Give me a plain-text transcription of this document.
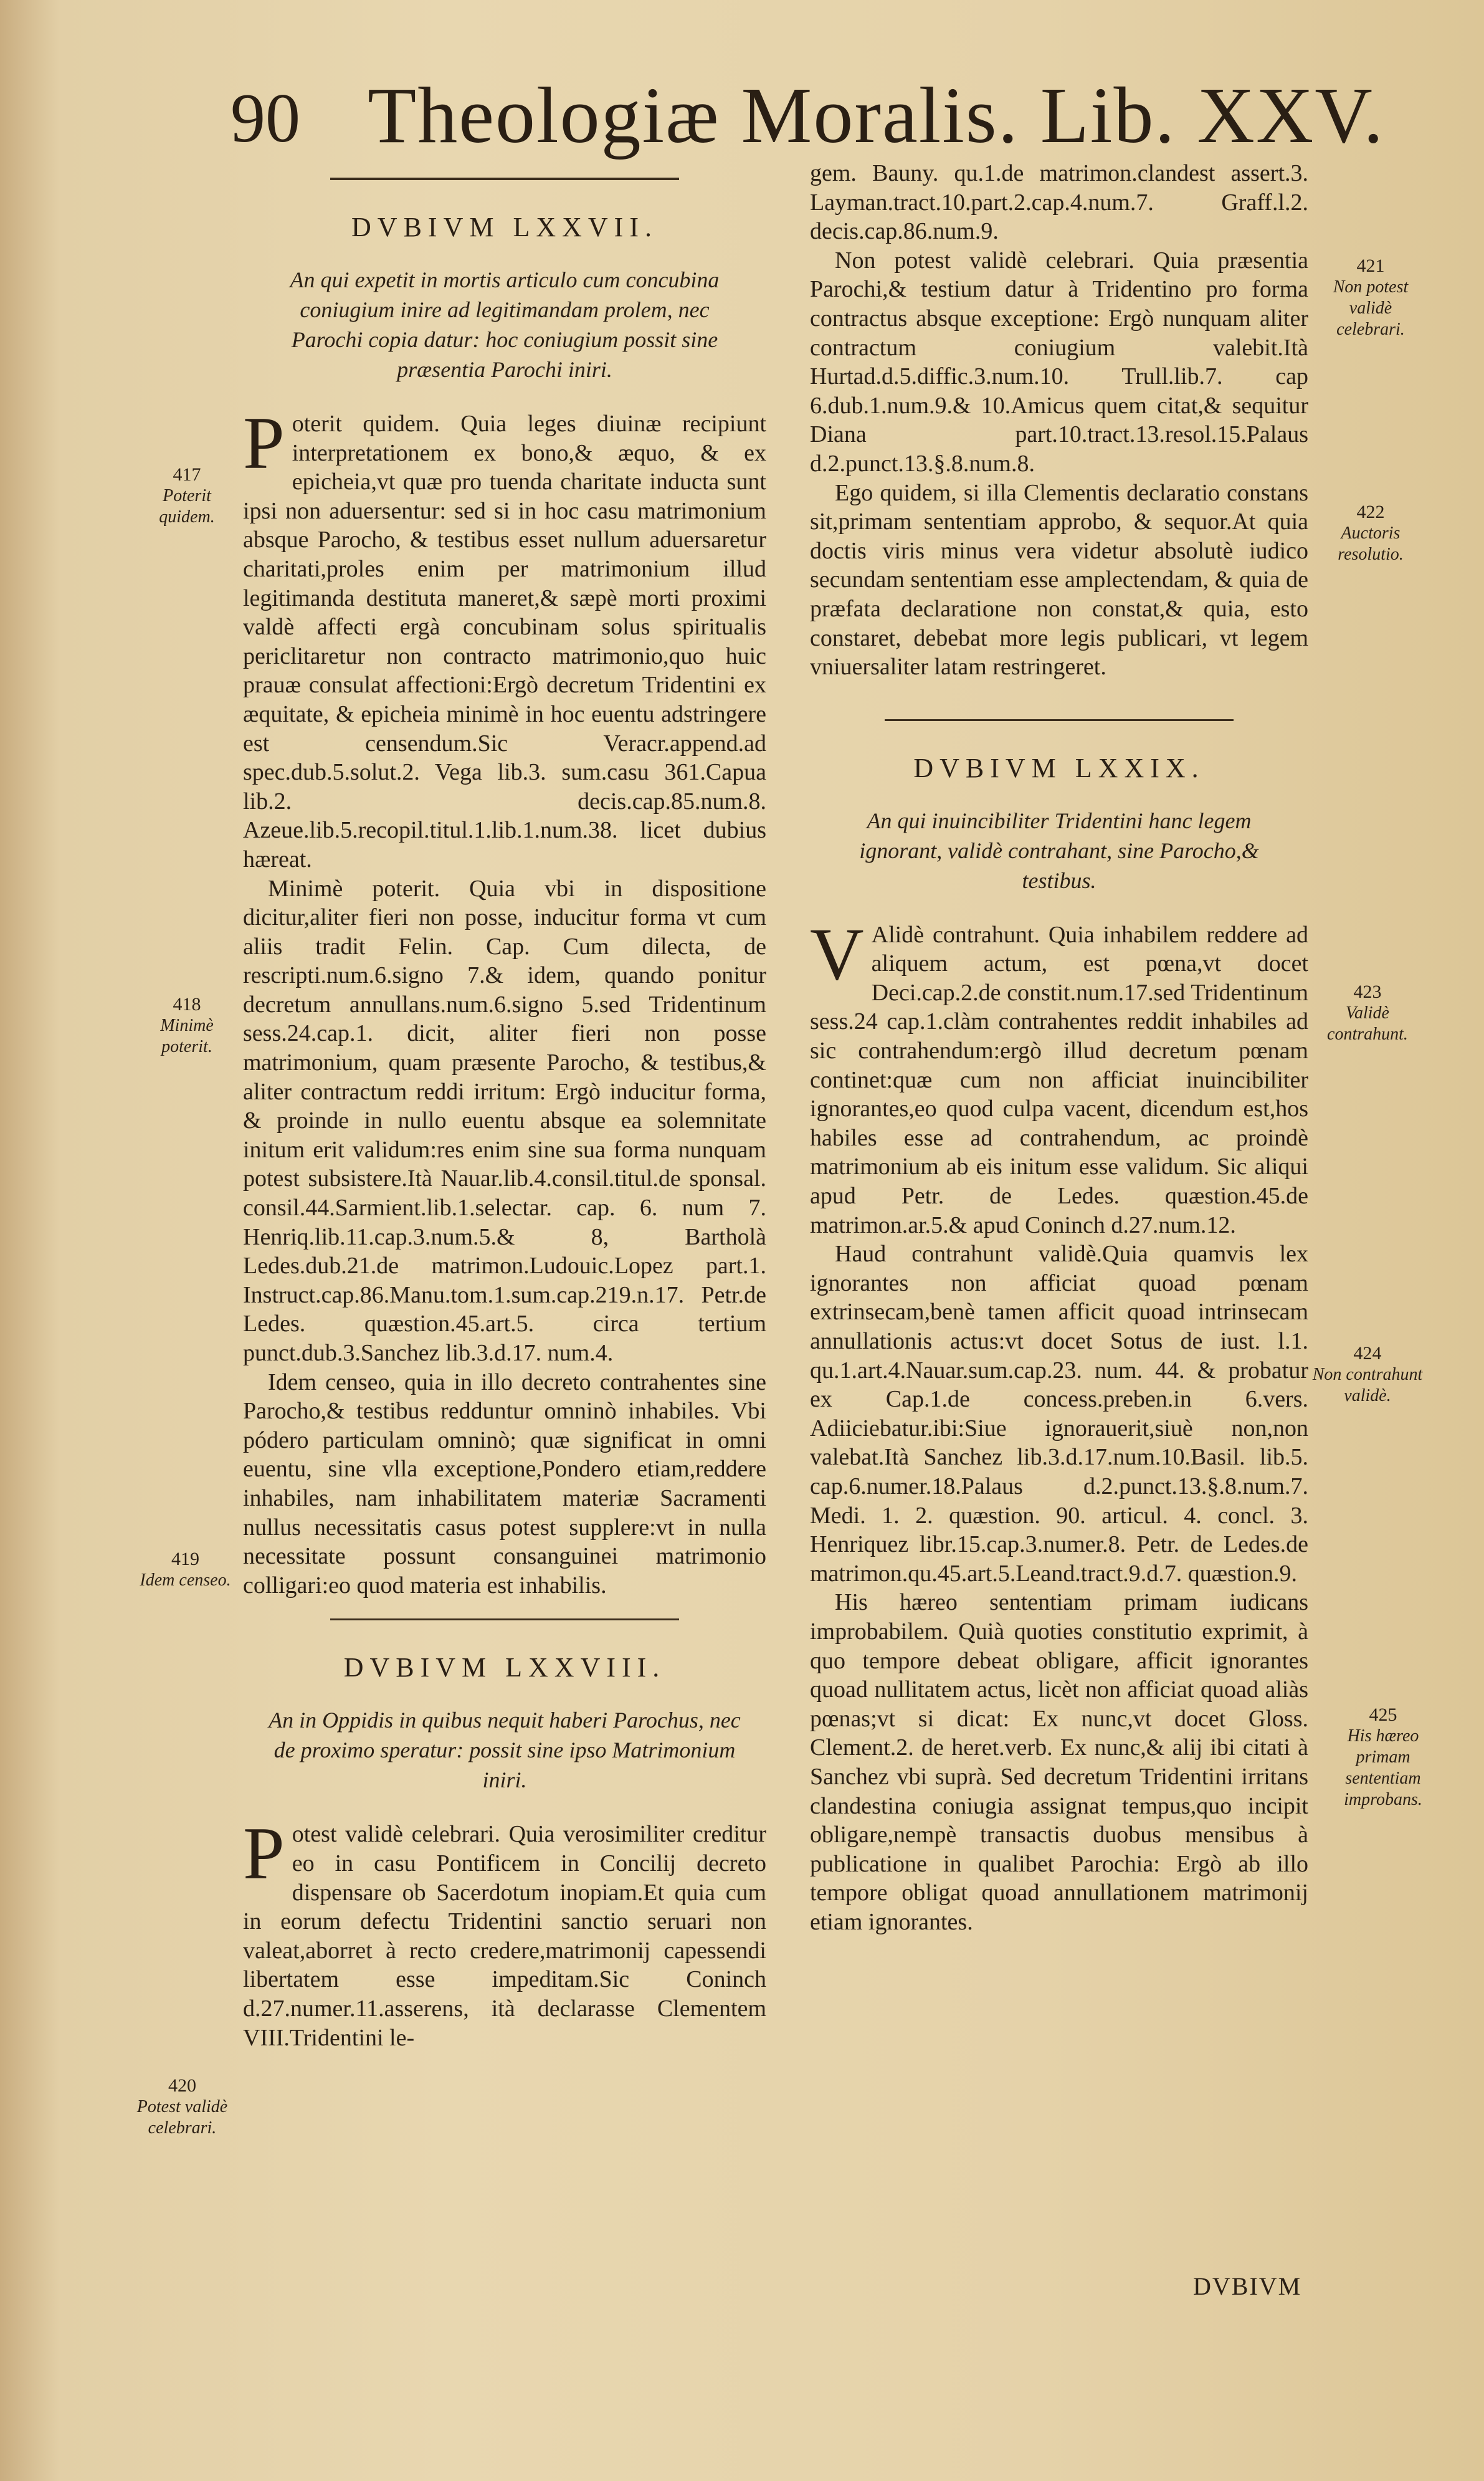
90 Theologiæ Moralis. Lib. XXV.
DVBIVM LXXVII.
An qui expetit in mortis articulo cum concubina coniugium inire ad legitimandam prolem, nec Parochi copia datur: hoc coniugium possit sine præsentia Parochi iniri.

Poterit quidem. Quia leges diuinæ recipiunt interpretationem ex bono,& æquo, & ex epicheia,vt quæ pro tuenda charitate inducta sunt ipsi non aduersentur: sed si in hoc casu matrimonium absque Parocho, & testibus esset nullum aduersaretur charitati,proles enim per matrimonium illud legitimanda destituta maneret,& sæpè morti proximi valdè affecti ergà concubinam solus spiritualis periclitaretur non contracto matrimonio,quo huic prauæ consulat affectioni:Ergò decretum Tridentini ex æquitate, & epicheia minimè in hoc euentu adstringere est censendum.Sic Veracr.append.ad spec.dub.5.solut.2. Vega lib.3. sum.casu 361.Capua lib.2. decis.cap.85.num.8. Azeue.lib.5.recopil.titul.1.lib.1.num.38. licet dubius hæreat.

Minimè poterit. Quia vbi in dispositione dicitur,aliter fieri non posse, inducitur forma vt cum aliis tradit Felin. Cap. Cum dilecta, de rescripti.num.6.signo 7.& idem, quando ponitur decretum annullans.num.6.signo 5.sed Tridentinum sess.24.cap.1. dicit, aliter fieri non posse matrimonium, quam præsente Parocho, & testibus,& aliter contractum reddi irritum: Ergò inducitur forma, & proinde in nullo euentu absque ea solemnitate initum erit validum:res enim sine sua forma nunquam potest subsistere.Ità Nauar.lib.4.consil.titul.de sponsal. consil.44.Sarmient.lib.1.selectar. cap. 6. num 7. Henriq.lib.11.cap.3.num.5.& 8, Bartholà Ledes.dub.21.de matrimon.Ludouic.Lopez part.1. Instruct.cap.86.Manu.tom.1.sum.cap.219.n.17. Petr.de Ledes. quæstion.45.art.5. circa tertium punct.dub.3.Sanchez lib.3.d.17. num.4.

Idem censeo, quia in illo decreto contrahentes sine Parocho,& testibus redduntur omninò inhabiles. Vbi pódero particulam omninò; quæ significat in omni euentu, sine vlla exceptione,Pondero etiam,reddere inhabiles, nam inhabilitatem materiæ Sacramenti nullus necessitatis casus potest supplere:vt in nulla necessitate possunt consanguinei matrimonio colligari:eo quod materia est inhabilis.

DVBIVM LXXVIII.
An in Oppidis in quibus nequit haberi Parochus, nec de proximo speratur: possit sine ipso Matrimonium iniri.

Potest validè celebrari. Quia verosimiliter creditur eo in casu Pontificem in Concilij decreto dispensare ob Sacerdotum inopiam.Et quia cum in eorum defectu Tridentini sanctio seruari non valeat,aborret à recto credere,matrimonij capessendi libertatem esse impeditam.Sic Coninch d.27.numer.11.asserens, ità declarasse Clementem VIII.Tridentini le-

417
Poterit quidem.
418
Minimè poterit.
419
Idem censeo.
420
Potest validè celebrari.

gem. Bauny. qu.1.de matrimon.clandest assert.3. Layman.tract.10.part.2.cap.4.num.7. Graff.l.2. decis.cap.86.num.9.

Non potest validè celebrari. Quia præsentia Parochi,& testium datur à Tridentino pro forma contractus absque exceptione: Ergò nunquam aliter contractum coniugium valebit.Ità Hurtad.d.5.diffic.3.num.10. Trull.lib.7. cap 6.dub.1.num.9.& 10.Amicus quem citat,& sequitur Diana part.10.tract.13.resol.15.Palaus d.2.punct.13.§.8.num.8.

Ego quidem, si illa Clementis declaratio constans sit,primam sententiam approbo, & sequor.At quia doctis viris minus vera videtur absolutè iudico secundam sententiam esse amplectendam, & quia de præfata declaratione non constat,& quia, esto constaret, debebat more legis publicari, vt legem vniuersaliter latam restringeret.

DVBIVM LXXIX.
An qui inuincibiliter Tridentini hanc legem ignorant, validè contrahant, sine Parocho,& testibus.

V Alidè contrahunt. Quia inhabilem reddere ad aliquem actum, est pœna,vt docet Deci.cap.2.de constit.num.17.sed Tridentinum sess.24 cap.1.clàm contrahentes reddit inhabiles ad sic contrahendum:ergò illud decretum pœnam continet:quæ cum non afficiat inuincibiliter ignorantes,eo quod culpa vacent, dicendum est,hos habiles esse ad contrahendum, ac proindè matrimonium ab eis initum esse validum. Sic aliqui apud Petr. de Ledes. quæstion.45.de matrimon.ar.5.& apud Coninch d.27.num.12.

Haud contrahunt validè.Quia quamvis lex ignorantes non afficiat quoad pœnam extrinsecam,benè tamen afficit quoad intrinsecam annullationis actus:vt docet Sotus de iust. l.1. qu.1.art.4.Nauar.sum.cap.23. num. 44. & probatur ex Cap.1.de concess.preben.in 6.vers. Adiiciebatur.ibi:Siue ignorauerit,siuè non,non valebat.Ità Sanchez lib.3.d.17.num.10.Basil. lib.5. cap.6.numer.18.Palaus d.2.punct.13.§.8.num.7. Medi. 1. 2. quæstion. 90. articul. 4. concl. 3. Henriquez libr.15.cap.3.numer.8. Petr. de Ledes.de matrimon.qu.45.art.5.Leand.tract.9.d.7. quæstion.9.

His hæreo sententiam primam iudicans improbabilem. Quià quoties constitutio exprimit, à quo tempore debeat obligare, afficit ignorantes quoad nullitatem actus, licèt non afficiat quoad aliàs pœnas;vt si dicat: Ex nunc,vt docet Gloss. Clement.2. de heret.verb. Ex nunc,& alij ibi citati à Sanchez vbi suprà. Sed decretum Tridentini irritans clandestina coniugia assignat tempus,quo incipit obligare,nempè transactis duobus mensibus à publicatione in qualibet Parochia: Ergò ab illo tempore obligat quoad annullationem matrimonij etiam ignorantes.

421
Non potest validè celebrari.
422
Auctoris resolutio.
423
Validè contrahunt.
424
Non contrahunt validè.
425
His hæreo primam sententiam improbans.
DVBIVM
